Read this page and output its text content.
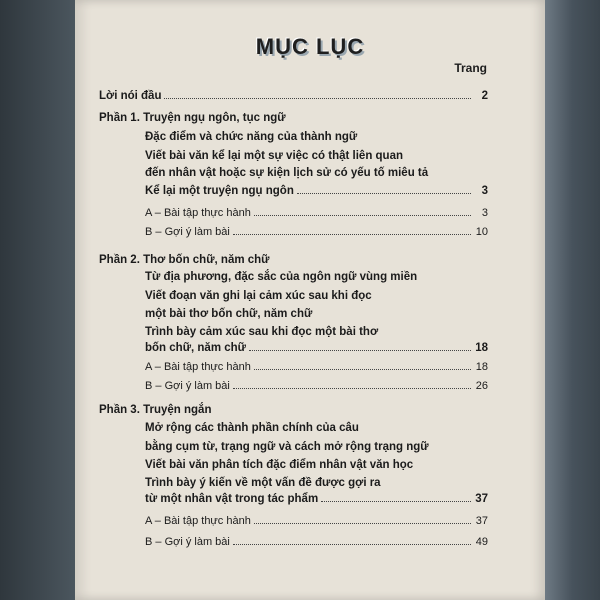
MỤC LỤC
Trang
Lời nói đầu	2
Phần 1. Truyện ngụ ngôn, tục ngữ
Đặc điểm và chức năng của thành ngữ
Viết bài văn kể lại một sự việc có thật liên quan
đến nhân vật hoặc sự kiện lịch sử có yếu tố miêu tả
Kể lại một truyện ngụ ngôn	3
A – Bài tập thực hành	3
B – Gợi ý làm bài	10
Phần 2. Thơ bốn chữ, năm chữ
Từ địa phương, đặc sắc của ngôn ngữ vùng miền
Viết đoạn văn ghi lại cảm xúc sau khi đọc
một bài thơ bốn chữ, năm chữ
Trình bày cảm xúc sau khi đọc một bài thơ
bốn chữ, năm chữ	18
A – Bài tập thực hành	18
B – Gợi ý làm bài	26
Phần 3. Truyện ngắn
Mở rộng các thành phần chính của câu
bằng cụm từ, trạng ngữ và cách mở rộng trạng ngữ
Viết bài văn phân tích đặc điểm nhân vật văn học
Trình bày ý kiến về một vấn đề được gợi ra
từ một nhân vật trong tác phẩm	37
A – Bài tập thực hành	37
B – Gợi ý làm bài	49
